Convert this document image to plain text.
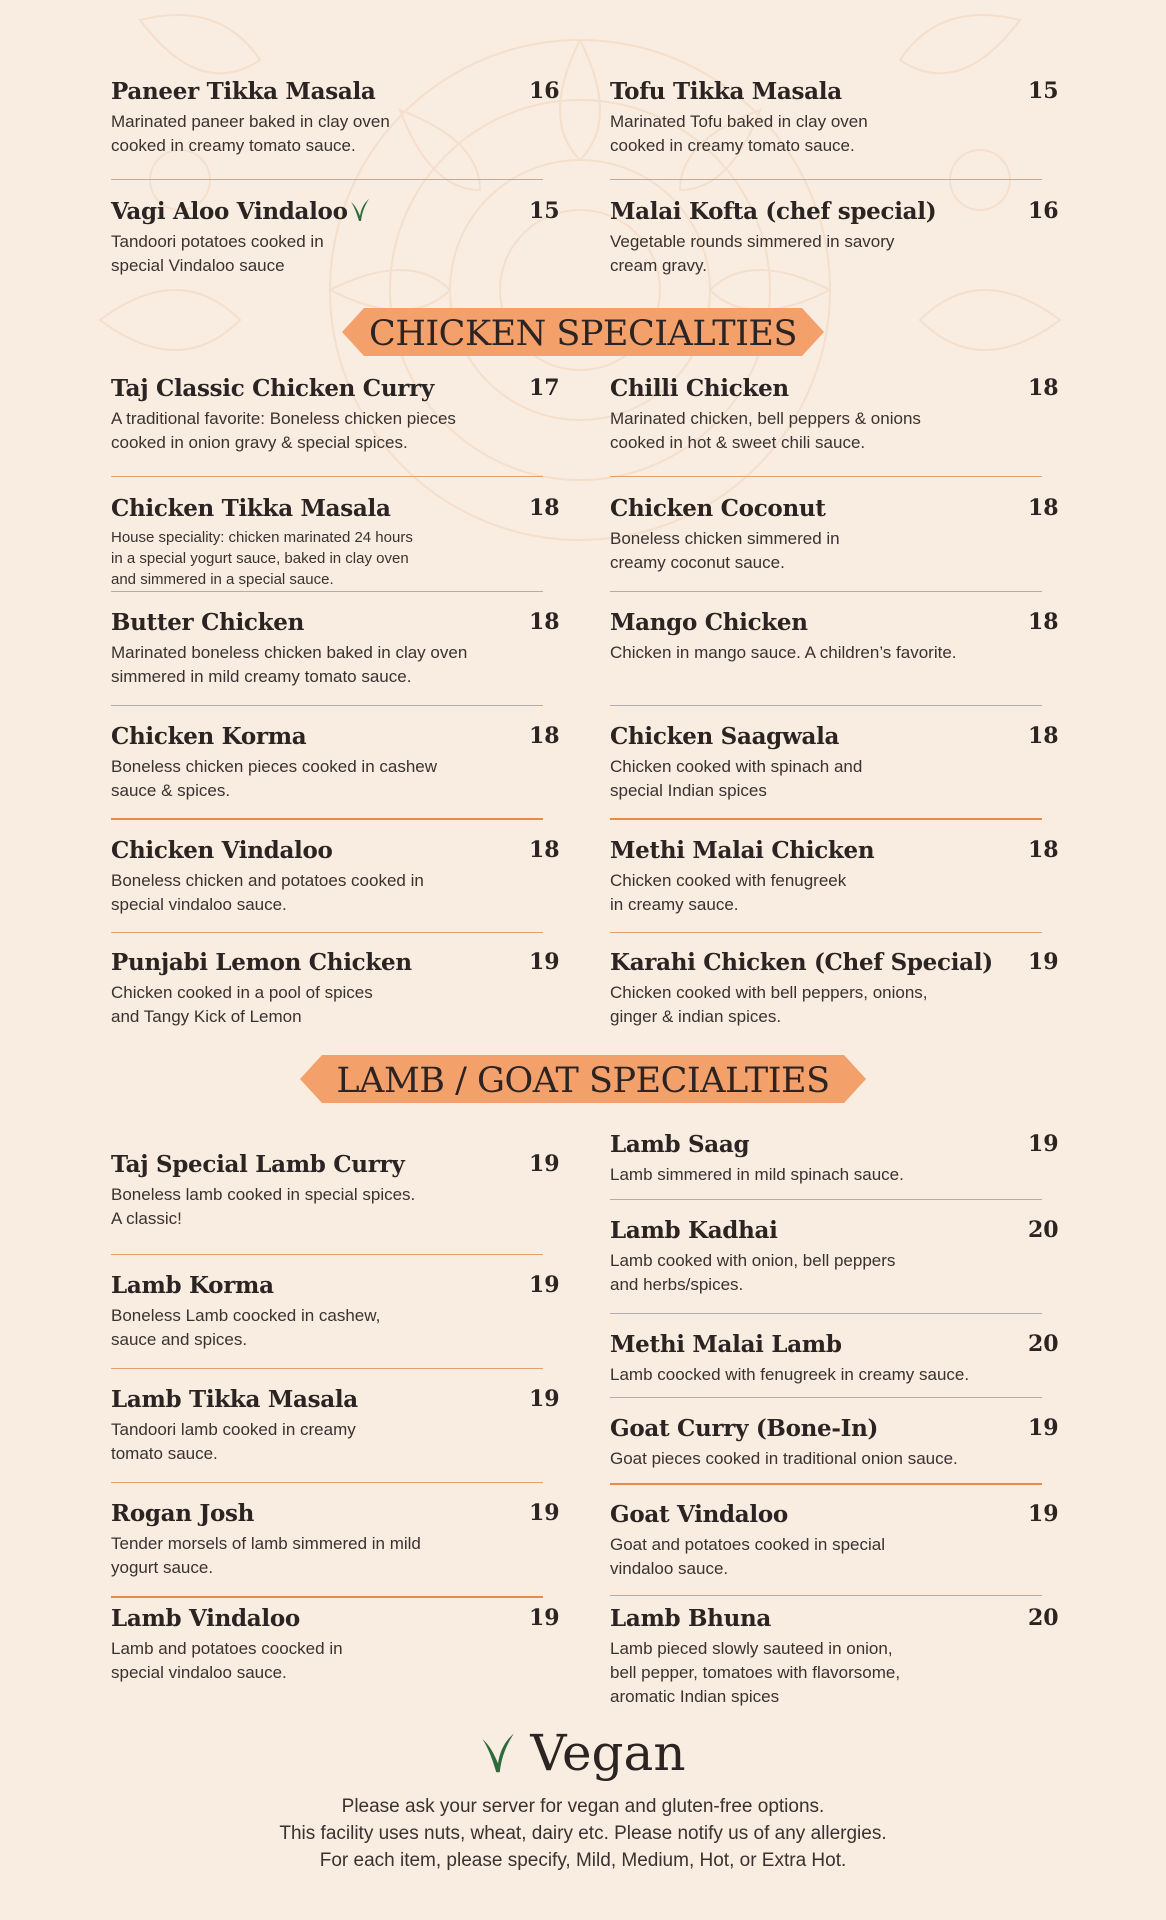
Paneer Tikka Masala	16
Marinated paneer baked in clay oven
cooked in creamy tomato sauce.
Tofu Tikka Masala	15
Marinated Tofu baked in clay oven
cooked in creamy tomato sauce.
Vagi Aloo Vindaloo	15
Tandoori potatoes cooked in
special Vindaloo sauce
Malai Kofta (chef special)	16
Vegetable rounds simmered in savory
cream gravy.
CHICKEN SPECIALTIES
Taj Classic Chicken Curry	17
A traditional favorite: Boneless chicken pieces
cooked in onion gravy & special spices.
Chilli Chicken	18
Marinated chicken, bell peppers & onions
cooked in hot & sweet chili sauce.
Chicken Tikka Masala	18
House speciality: chicken marinated 24 hours
in a special yogurt sauce, baked in clay oven
and simmered in a special sauce.
Chicken Coconut	18
Boneless chicken simmered in
creamy coconut sauce.
Butter Chicken	18
Marinated boneless chicken baked in clay oven
simmered in mild creamy tomato sauce.
Mango Chicken	18
Chicken in mango sauce. A children’s favorite.
Chicken Korma	18
Boneless chicken pieces cooked in cashew
sauce & spices.
Chicken Saagwala	18
Chicken cooked with spinach and
special Indian spices
Chicken Vindaloo	18
Boneless chicken and potatoes cooked in
special vindaloo sauce.
Methi Malai Chicken	18
Chicken cooked with fenugreek
in creamy sauce.
Punjabi Lemon Chicken	19
Chicken cooked in a pool of spices
and Tangy Kick of Lemon
Karahi Chicken (Chef Special) 19
Chicken cooked with bell peppers, onions,
ginger & indian spices.
LAMB / GOAT SPECIALTIES
Taj Special Lamb Curry	19
Boneless lamb cooked in special spices.
A classic!
Lamb Korma	19
Boneless Lamb coocked in cashew,
sauce and spices.
Lamb Tikka Masala	19
Tandoori lamb cooked in creamy
tomato sauce.
Rogan Josh	19
Tender morsels of lamb simmered in mild
yogurt sauce.
Lamb Vindaloo	19
Lamb and potatoes coocked in
special vindaloo sauce.
Lamb Saag	19
Lamb simmered in mild spinach sauce.
Lamb Kadhai	20
Lamb cooked with onion, bell peppers
and herbs/spices.
Methi Malai Lamb	20
Lamb coocked with fenugreek in creamy sauce.
Goat Curry (Bone-In)	19
Goat pieces cooked in traditional onion sauce.
Goat Vindaloo	19
Goat and potatoes cooked in special
vindaloo sauce.
Lamb Bhuna	20
Lamb pieced slowly sauteed in onion,
bell pepper, tomatoes with flavorsome,
aromatic Indian spices
Vegan
Please ask your server for vegan and gluten-free options.
This facility uses nuts, wheat, dairy etc. Please notify us of any allergies.
For each item, please specify, Mild, Medium, Hot, or Extra Hot.
